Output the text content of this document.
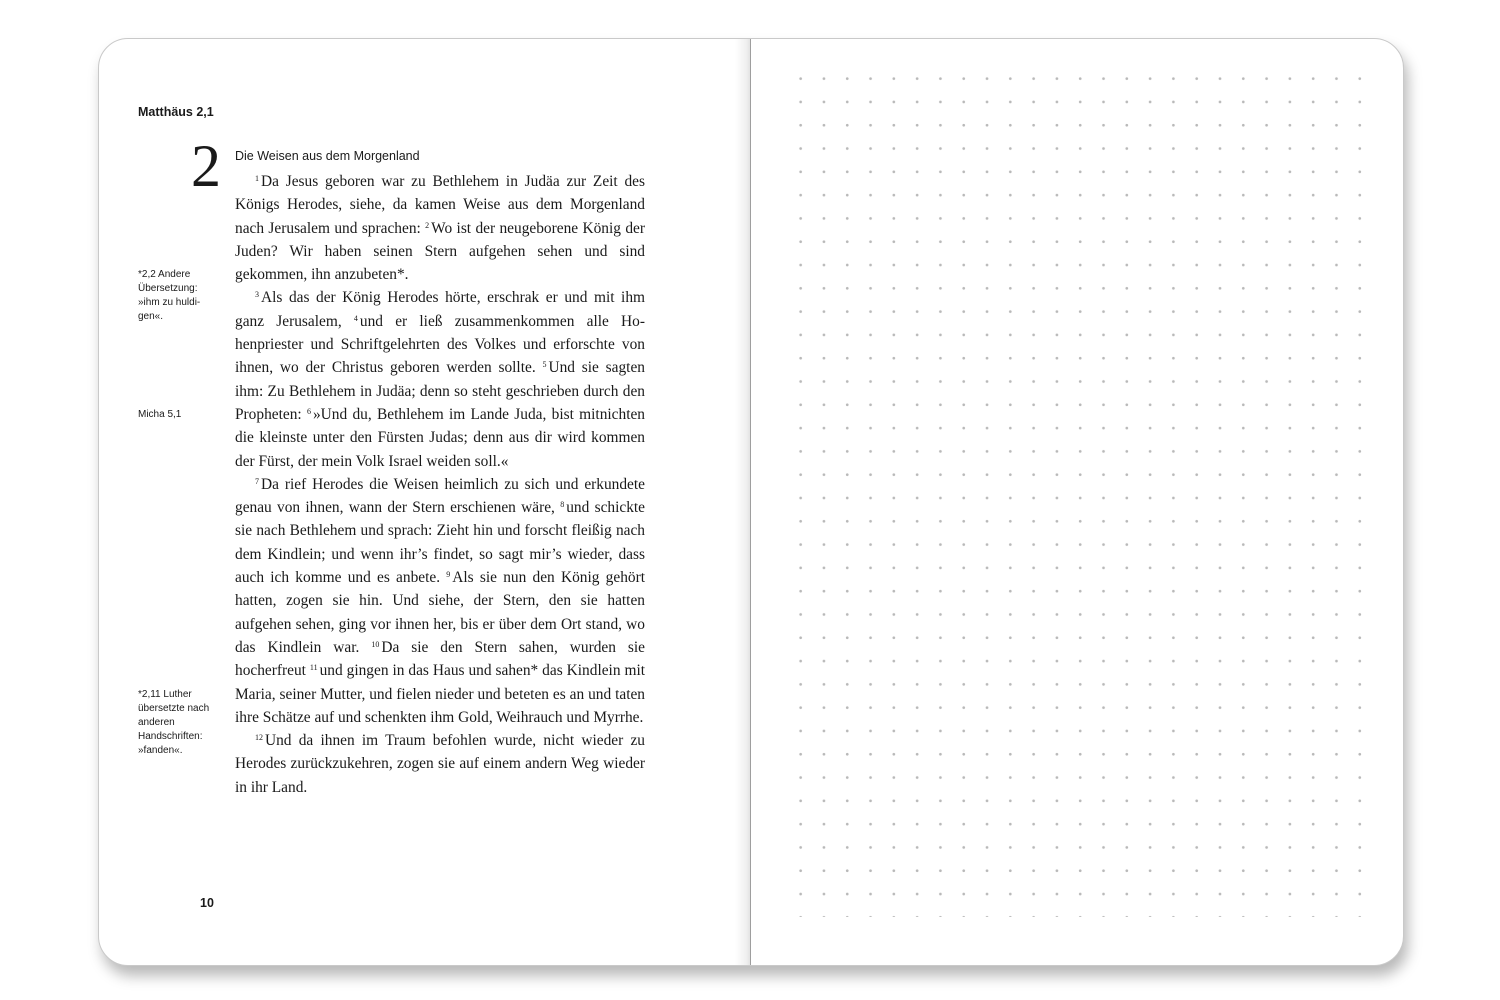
Matthäus 2,1
2
*2,2 Andere Übersetzung: »ihm zu huldigen«.
Micha 5,1
*2,11 Luther übersetzte nach anderen Handschriften: »fanden«.
Die Weisen aus dem Morgenland

$^1$ Da Jesus geboren war zu Bethlehem in Judäa zur Zeit des Königs Herodes, siehe, da kamen Weise aus dem Morgenland nach Jerusalem und sprachen: $^2$ Wo ist der neugeborene König der Juden? Wir haben seinen Stern aufgehen sehen und sind gekommen, ihn anzubeten*.

$^3$ Als das der König Herodes hörte, erschrak er und mit ihm ganz Jerusalem, $^4$ und er ließ zusammenkommen alle Hohenpriester und Schriftgelehrten des Volkes und erforschte von ihnen, wo der Christus geboren werden sollte. $^5$ Und sie sagten ihm: Zu Bethlehem in Judäa; denn so steht geschrieben durch den Propheten: $^6$ »Und du, Bethlehem im Lande Juda, bist mitnichten die kleinste unter den Fürsten Judas; denn aus dir wird kommen der Fürst, der mein Volk Israel weiden soll.«

$^7$ Da rief Herodes die Weisen heimlich zu sich und erkundete genau von ihnen, wann der Stern erschienen wäre, $^8$ und schickte sie nach Bethlehem und sprach: Zieht hin und forscht fleißig nach dem Kindlein; und wenn ihr’s findet, so sagt mir’s wieder, dass auch ich komme und es anbete. $^9$ Als sie nun den König gehört hatten, zogen sie hin. Und siehe, der Stern, den sie hatten aufgehen sehen, ging vor ihnen her, bis er über dem Ort stand, wo das Kindlein war. $^{10}$ Da sie den Stern sahen, wurden sie hocherfreut $^{11}$ und gingen in das Haus und sahen* das Kindlein mit Maria, seiner Mutter, und fielen nieder und beteten es an und taten ihre Schätze auf und schenkten ihm Gold, Weihrauch und Myrrhe.

$^{12}$ Und da ihnen im Traum befohlen wurde, nicht wieder zu Herodes zurückzukehren, zogen sie auf einem andern Weg wieder in ihr Land.

10
